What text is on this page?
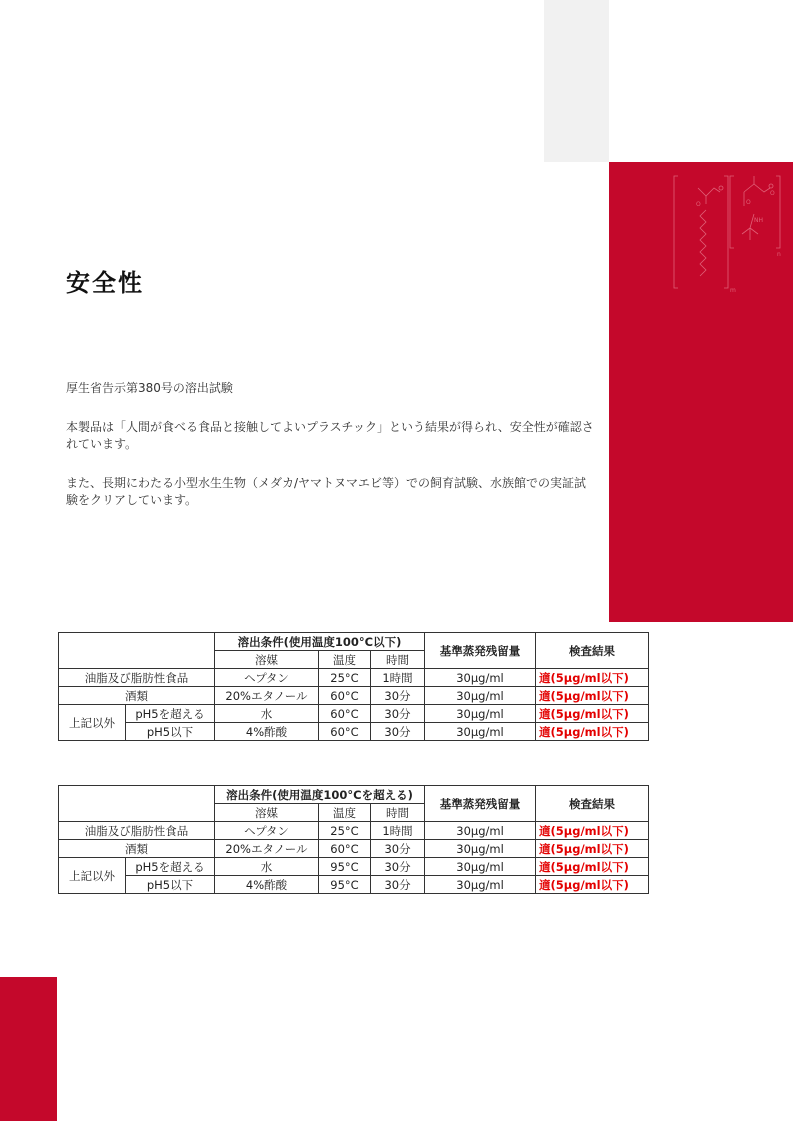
O	O
O
NH
m
n
安全性

厚生省告示第380号の溶出試験

本製品は「人間が食べる食品と接触してよいプラスチック」という結果が得られ、安全性が確認されています。

また、長期にわたる小型水生生物（メダカ/ヤマトヌマエビ等）での飼育試験、水族館での実証試験をクリアしています。

		溶出条件(使用温度100°C以下)			基準蒸発残留量	検査結果
		溶媒	温度	時間		
油脂及び脂肪性食品		ヘプタン	25°C	1時間	30μg/ml	適(5μg/ml以下)
酒類		20%エタノール	60°C	30分	30μg/ml	適(5μg/ml以下)
上記以外	pH5を超える	水	60°C	30分	30μg/ml	適(5μg/ml以下)
	pH5以下	4%酢酸	60°C	30分	30μg/ml	適(5μg/ml以下)
		溶出条件(使用温度100°Cを超える)			基準蒸発残留量	検査結果
		溶媒	温度	時間		
油脂及び脂肪性食品		ヘプタン	25°C	1時間	30μg/ml	適(5μg/ml以下)
酒類		20%エタノール	60°C	30分	30μg/ml	適(5μg/ml以下)
上記以外	pH5を超える	水	95°C	30分	30μg/ml	適(5μg/ml以下)
	pH5以下	4%酢酸	95°C	30分	30μg/ml	適(5μg/ml以下)
